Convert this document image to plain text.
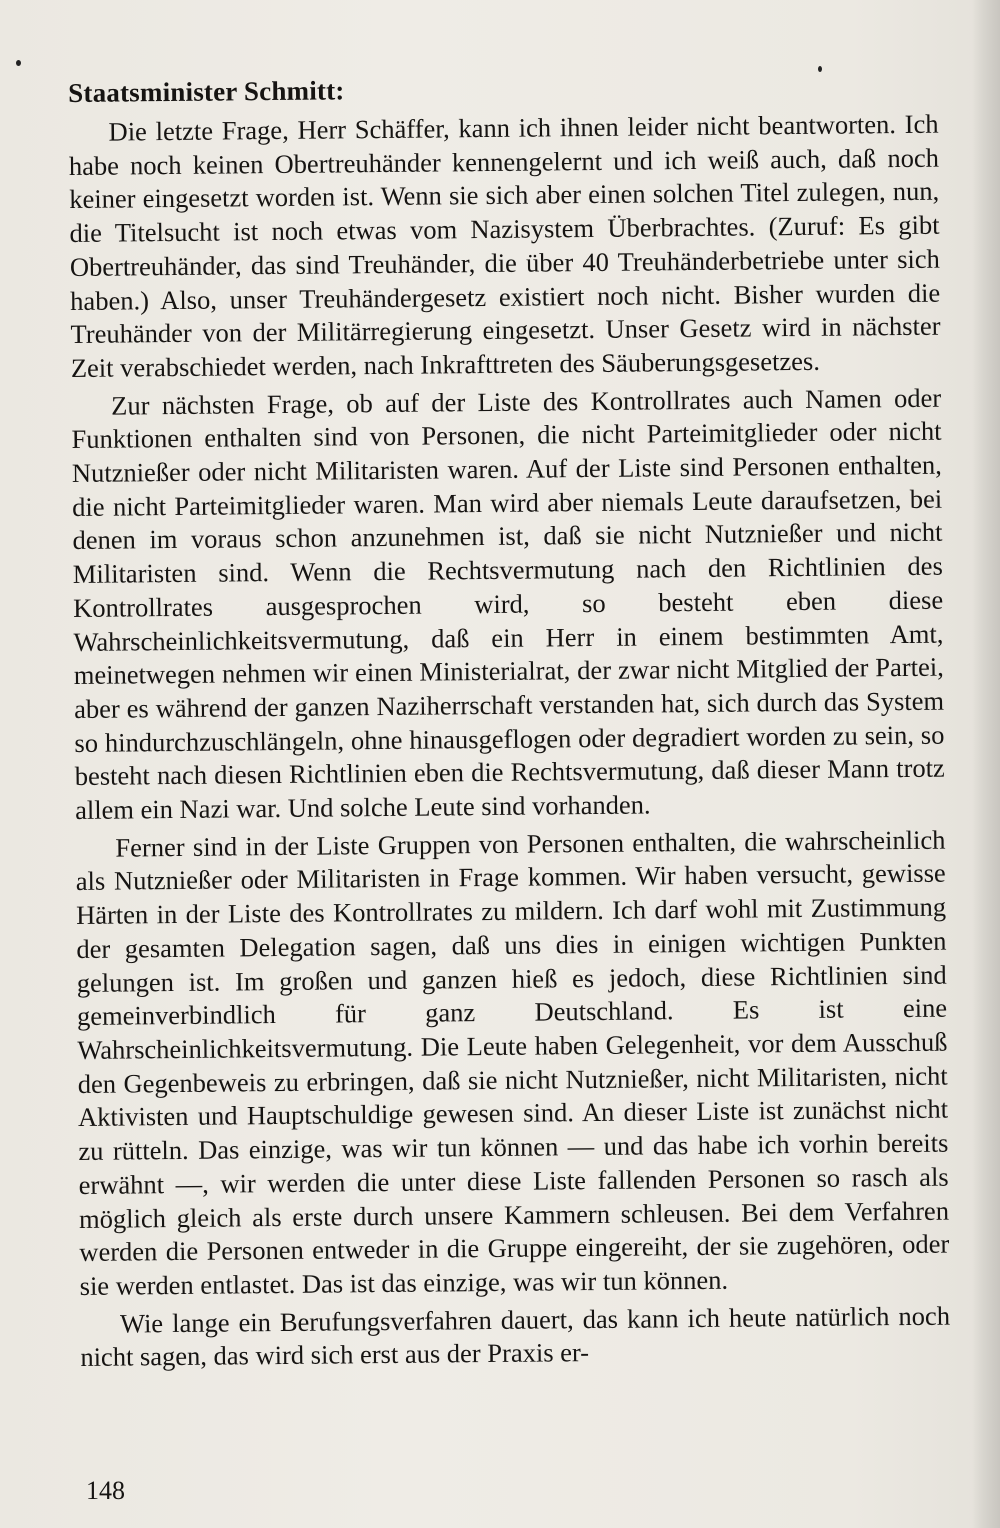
Staatsminister Schmitt:

Die letzte Frage, Herr Schäffer, kann ich ihnen leider nicht beantworten. Ich habe noch keinen Obertreuhänder kennengelernt und ich weiß auch, daß noch keiner eingesetzt worden ist. Wenn sie sich aber einen solchen Titel zulegen, nun, die Titelsucht ist noch etwas vom Nazisystem Überbrachtes. (Zuruf: Es gibt Obertreuhänder, das sind Treuhänder, die über 40 Treuhänderbetriebe unter sich haben.) Also, unser Treuhändergesetz existiert noch nicht. Bisher wurden die Treuhänder von der Militärregierung eingesetzt. Unser Gesetz wird in nächster Zeit verabschiedet werden, nach Inkrafttreten des Säuberungsgesetzes.

Zur nächsten Frage, ob auf der Liste des Kontrollrates auch Namen oder Funktionen enthalten sind von Personen, die nicht Parteimitglieder oder nicht Nutznießer oder nicht Militaristen waren. Auf der Liste sind Personen enthalten, die nicht Parteimitglieder waren. Man wird aber niemals Leute daraufsetzen, bei denen im voraus schon anzunehmen ist, daß sie nicht Nutznießer und nicht Militaristen sind. Wenn die Rechtsvermutung nach den Richtlinien des Kontrollrates ausgesprochen wird, so besteht eben diese Wahrscheinlichkeitsvermutung, daß ein Herr in einem bestimmten Amt, meinetwegen nehmen wir einen Ministerialrat, der zwar nicht Mitglied der Partei, aber es während der ganzen Naziherrschaft verstanden hat, sich durch das System so hindurchzuschlängeln, ohne hinausgeflogen oder degradiert worden zu sein, so besteht nach diesen Richtlinien eben die Rechtsvermutung, daß dieser Mann trotz allem ein Nazi war. Und solche Leute sind vorhanden.

Ferner sind in der Liste Gruppen von Personen enthalten, die wahrscheinlich als Nutznießer oder Militaristen in Frage kommen. Wir haben versucht, gewisse Härten in der Liste des Kontrollrates zu mildern. Ich darf wohl mit Zustimmung der gesamten Delegation sagen, daß uns dies in einigen wichtigen Punkten gelungen ist. Im großen und ganzen hieß es jedoch, diese Richtlinien sind gemeinverbindlich für ganz Deutschland. Es ist eine Wahrscheinlichkeitsvermutung. Die Leute haben Gelegenheit, vor dem Ausschuß den Gegenbeweis zu erbringen, daß sie nicht Nutznießer, nicht Militaristen, nicht Aktivisten und Hauptschuldige gewesen sind. An dieser Liste ist zunächst nicht zu rütteln. Das einzige, was wir tun können — und das habe ich vorhin bereits erwähnt —, wir werden die unter diese Liste fallenden Personen so rasch als möglich gleich als erste durch unsere Kammern schleusen. Bei dem Verfahren werden die Personen entweder in die Gruppe eingereiht, der sie zugehören, oder sie werden entlastet. Das ist das einzige, was wir tun können.

Wie lange ein Berufungsverfahren dauert, das kann ich heute natürlich noch nicht sagen, das wird sich erst aus der Praxis er-

148
